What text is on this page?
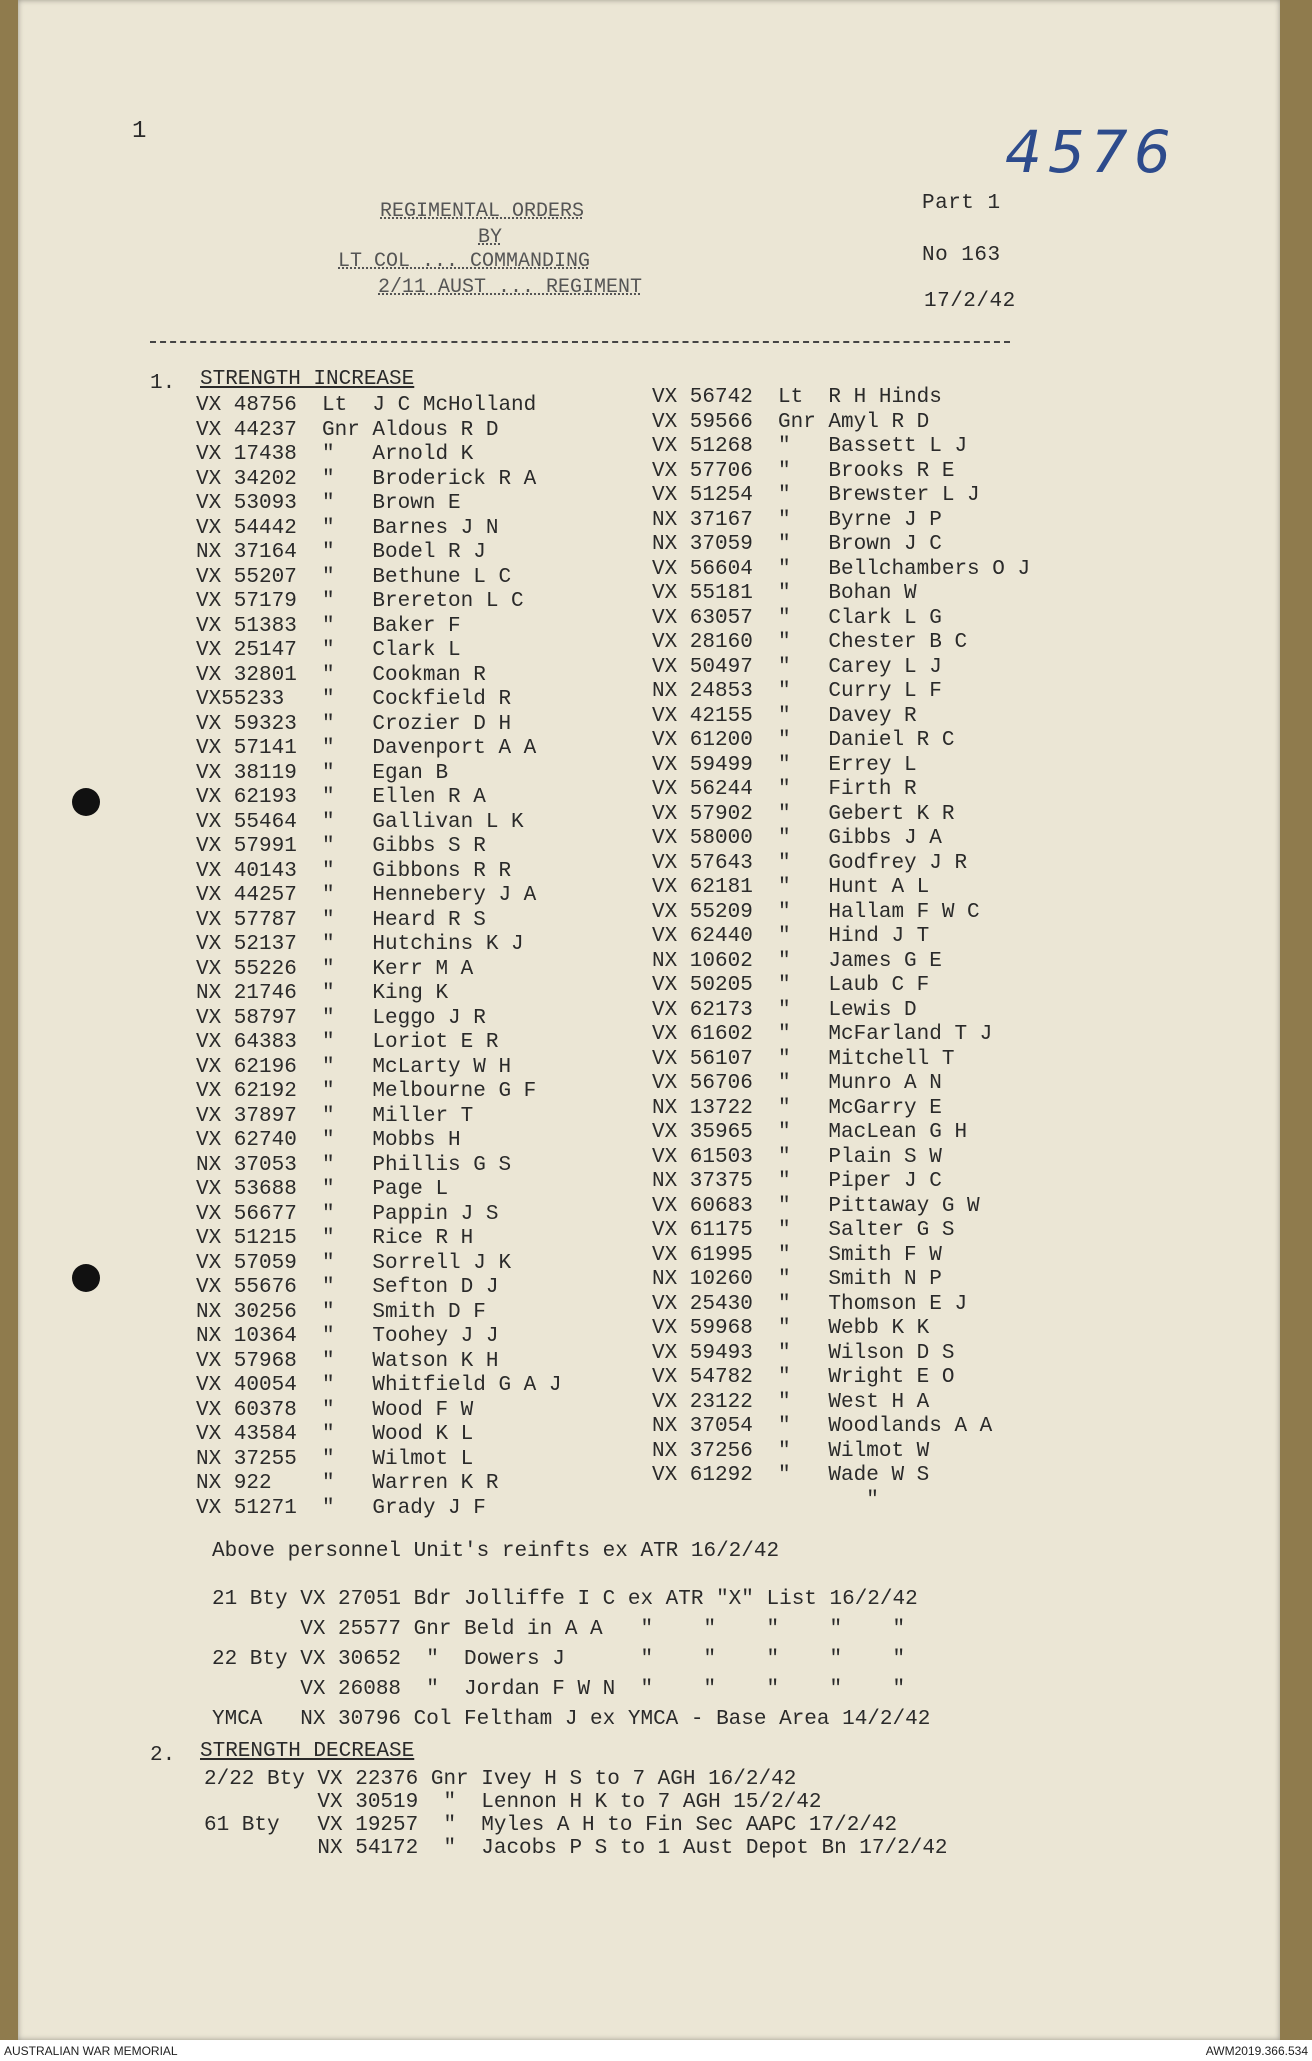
1	4576
REGIMENTAL ORDERS
BY
LT COL ... COMMANDING
2/11 AUST ... REGIMENT
Part 1
No 163
17/2/42
1. STRENGTH INCREASE
VX 48756  Lt  J C McHolland
VX 44237  Gnr Aldous R D
VX 17438  "   Arnold K
VX 34202  "   Broderick R A
VX 53093  "   Brown E
VX 54442  "   Barnes J N
NX 37164  "   Bodel R J
VX 55207  "   Bethune L C
VX 57179  "   Brereton L C
VX 51383  "   Baker F
VX 25147  "   Clark L
VX 32801  "   Cookman R
VX55233   "   Cockfield R
VX 59323  "   Crozier D H
VX 57141  "   Davenport A A
VX 38119  "   Egan B
VX 62193  "   Ellen R A
VX 55464  "   Gallivan L K
VX 57991  "   Gibbs S R
VX 40143  "   Gibbons R R
VX 44257  "   Hennebery J A
VX 57787  "   Heard R S
VX 52137  "   Hutchins K J
VX 55226  "   Kerr M A
NX 21746  "   King K
VX 58797  "   Leggo J R
VX 64383  "   Loriot E R
VX 62196  "   McLarty W H
VX 62192  "   Melbourne G F
VX 37897  "   Miller T
VX 62740  "   Mobbs H
NX 37053  "   Phillis G S
VX 53688  "   Page L
VX 56677  "   Pappin J S
VX 51215  "   Rice R H
VX 57059  "   Sorrell J K
VX 55676  "   Sefton D J
NX 30256  "   Smith D F
NX 10364  "   Toohey J J
VX 57968  "   Watson K H
VX 40054  "   Whitfield G A J
VX 60378  "   Wood F W
VX 43584  "   Wood K L
NX 37255  "   Wilmot L
NX 922    "   Warren K R
VX 51271  "   Grady J F
VX 56742  Lt  R H Hinds
VX 59566  Gnr Amyl R D
VX 51268  "   Bassett L J
VX 57706  "   Brooks R E
VX 51254  "   Brewster L J
NX 37167  "   Byrne J P
NX 37059  "   Brown J C
VX 56604  "   Bellchambers O J
VX 55181  "   Bohan W
VX 63057  "   Clark L G
VX 28160  "   Chester B C
VX 50497  "   Carey L J
NX 24853  "   Curry L F
VX 42155  "   Davey R
VX 61200  "   Daniel R C
VX 59499  "   Errey L
VX 56244  "   Firth R
VX 57902  "   Gebert K R
VX 58000  "   Gibbs J A
VX 57643  "   Godfrey J R
VX 62181  "   Hunt A L
VX 55209  "   Hallam F W C
VX 62440  "   Hind J T
NX 10602  "   James G E
VX 50205  "   Laub C F
VX 62173  "   Lewis D
VX 61602  "   McFarland T J
VX 56107  "   Mitchell T
VX 56706  "   Munro A N
NX 13722  "   McGarry E
VX 35965  "   MacLean G H
VX 61503  "   Plain S W
NX 37375  "   Piper J C
VX 60683  "   Pittaway G W
VX 61175  "   Salter G S
VX 61995  "   Smith F W
NX 10260  "   Smith N P
VX 25430  "   Thomson E J
VX 59968  "   Webb K K
VX 59493  "   Wilson D S
VX 54782  "   Wright E O
VX 23122  "   West H A
NX 37054  "   Woodlands A A
NX 37256  "   Wilmot W
VX 61292  "   Wade W S
"
Above personnel Unit's reinfts ex ATR 16/2/42
21 Bty VX 27051 Bdr Jolliffe I C ex ATR "X" List 16/2/42
VX 25577 Gnr Beld in A A   "    "    "    "    "
22 Bty VX 30652  "  Dowers J      "    "    "    "    "
VX 26088  "  Jordan F W N  "    "    "    "    "
YMCA   NX 30796 Col Feltham J ex YMCA - Base Area 14/2/42
2. STRENGTH DECREASE
2/22 Bty VX 22376 Gnr Ivey H S to 7 AGH 16/2/42
VX 30519  "  Lennon H K to 7 AGH 15/2/42
61 Bty   VX 19257  "  Myles A H to Fin Sec AAPC 17/2/42
NX 54172  "  Jacobs P S to 1 Aust Depot Bn 17/2/42
AUSTRALIAN WAR MEMORIAL	AWM2019.366.534
